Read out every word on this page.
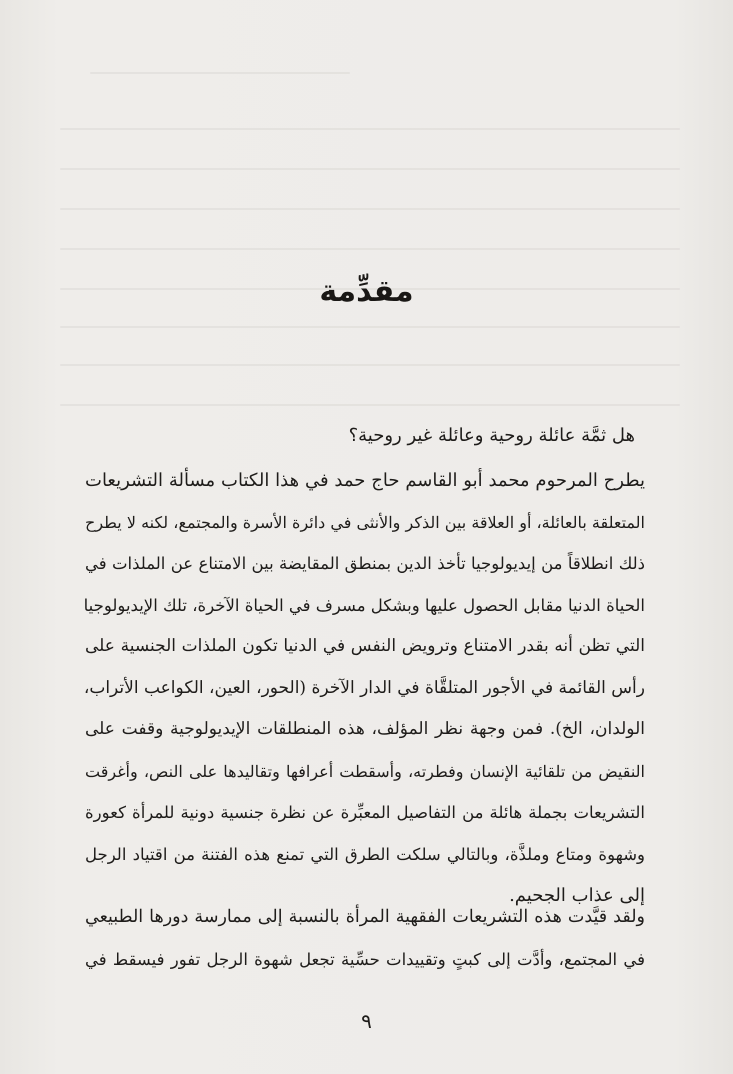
مقدِّمة
هل ثمَّة عائلة روحية وعائلة غير روحية؟
يطرح المرحوم محمد أبو القاسم حاج حمد في هذا الكتاب مسألة التشريعات
المتعلقة بالعائلة، أو العلاقة بين الذكر والأنثى في دائرة الأسرة والمجتمع، لكنه لا يطرح
ذلك انطلاقاً من إيديولوجيا تأخذ الدين بمنطق المقايضة بين الامتناع عن الملذات في
الحياة الدنيا مقابل الحصول عليها وبشكل مسرف في الحياة الآخرة، تلك الإيديولوجيا
التي تظن أنه بقدر الامتناع وترويض النفس في الدنيا تكون الملذات الجنسية على
رأس القائمة في الأجور المتلقَّاة في الدار الآخرة (الحور، العين، الكواعب الأتراب،
الولدان، الخ). فمن وجهة نظر المؤلف، هذه المنطلقات الإيديولوجية وقفت على
النقيض من تلقائية الإنسان وفطرته، وأسقطت أعرافها وتقاليدها على النص، وأغرقت
التشريعات بجملة هائلة من التفاصيل المعبِّرة عن نظرة جنسية دونية للمرأة كعورة
وشهوة ومتاع وملذَّة، وبالتالي سلكت الطرق التي تمنع هذه الفتنة من اقتياد الرجل
إلى عذاب الجحيم.
ولقد قيَّدت هذه التشريعات الفقهية المرأة بالنسبة إلى ممارسة دورها الطبيعي
في المجتمع، وأدَّت إلى كبتٍ وتقييدات حسِّية تجعل شهوة الرجل تفور فيسقط في
٩
